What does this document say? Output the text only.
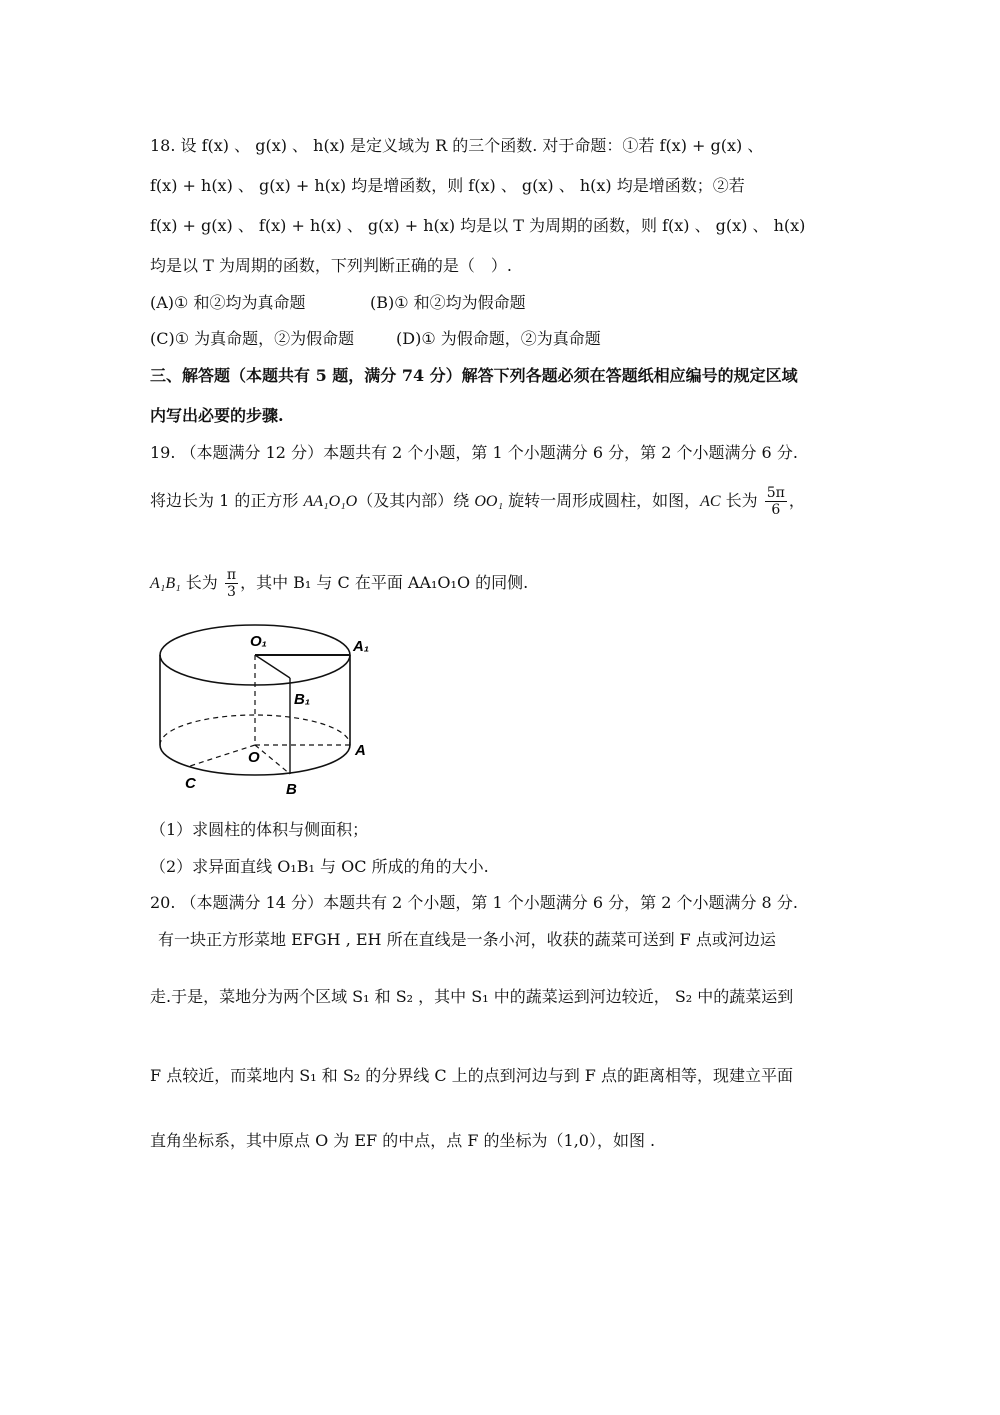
18. 设 f(x) 、 g(x) 、 h(x) 是定义域为 R 的三个函数. 对于命题：①若 f(x) + g(x) 、
f(x) + h(x) 、 g(x) + h(x) 均是增函数，则 f(x) 、 g(x) 、 h(x) 均是增函数；②若
f(x) + g(x) 、 f(x) + h(x) 、 g(x) + h(x) 均是以 T 为周期的函数，则 f(x) 、 g(x) 、 h(x)
均是以 T 为周期的函数，下列判断正确的是（　）.
(A)① 和②均为真命题	(B)① 和②均为假命题
(C)① 为真命题，②为假命题	(D)① 为假命题，②为真命题
三、解答题（本题共有 5 题，满分 74 分）解答下列各题必须在答题纸相应编号的规定区域
内写出必要的步骤.
19. （本题满分 12 分）本题共有 2 个小题，第 1 个小题满分 6 分，第 2 个小题满分 6 分.
将边长为 1 的正方形 AA₁O₁O（及其内部）绕 OO₁ 旋转一周形成圆柱，如图，AC 长为 $\frac{5\pi}{6}$ ，
A₁B₁ 长为 $\frac{\pi}{3}$ ，其中 B₁ 与 C 在平面 AA₁O₁O 的同侧.
O₁	A₁
B₁
O	A
C	B
（1）求圆柱的体积与侧面积；
（2）求异面直线 O₁B₁ 与 OC 所成的角的大小.
20. （本题满分 14 分）本题共有 2 个小题，第 1 个小题满分 6 分，第 2 个小题满分 8 分.
有一块正方形菜地 EFGH , EH 所在直线是一条小河，收获的蔬菜可送到 F 点或河边运
走.于是，菜地分为两个区域 S₁ 和 S₂ ，其中 S₁ 中的蔬菜运到河边较近， S₂ 中的蔬菜运到
F 点较近，而菜地内 S₁ 和 S₂ 的分界线 C 上的点到河边与到 F 点的距离相等，现建立平面
直角坐标系，其中原点 O 为 EF 的中点，点 F 的坐标为（1,0），如图 .
